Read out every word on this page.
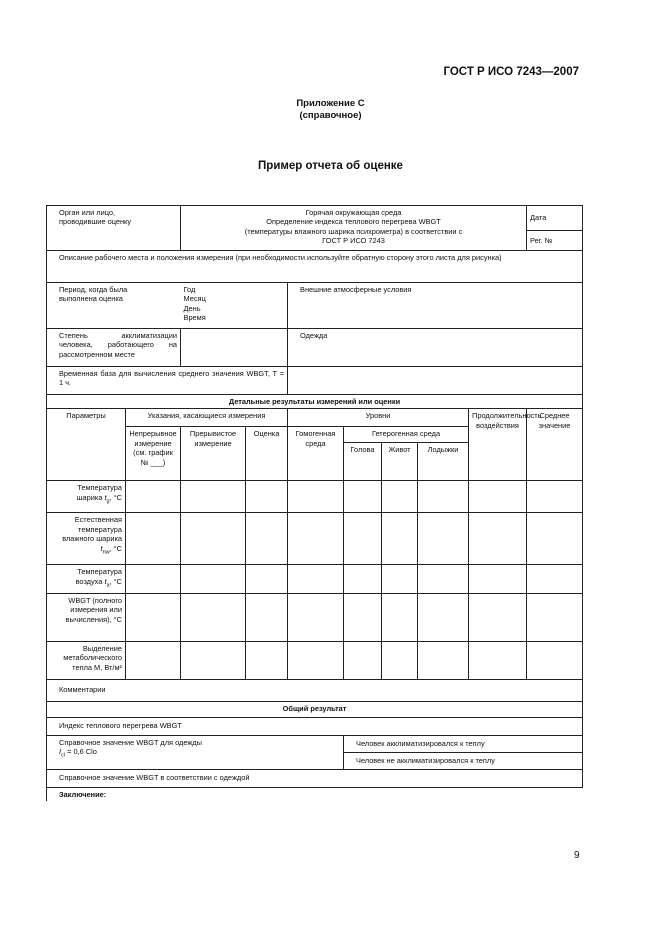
ГОСТ Р ИСО 7243—2007
Приложение С
(справочное)
Пример отчета об оценке
Орган или лицо,
проводившие оценку		Горячая окружающая среда
Определение индекса теплового перегрева WBGT
(температуры влажного шарика психрометра) в соответствии с
ГОСТ Р ИСО 7243							Дата
									Рег. №
Описание рабочего места и положения измерения (при необходимости используйте обратную сторону этого листа для рисунка)									

Период, когда была
выполнена оценка		Год
Месяц
День
Время		Внешние атмосферные условия					
Степень акклиматизации человека, работающего на рассмотренном месте				Одежда					
Временная база для вычисления среднего значения WBGT, T = 1 ч.									
Детальные результаты измерений или оценки									
Параметры	Указания, касающиеся измерения			Уровни				Продолжительность воздействия	Среднее значение
	Непрерывное измерение (см. график № ___)	Прерывистое измерение	Оценка	Гомогенная среда	Гетерогенная среда				
					Голова	Живот	Лодыжки		
Температура шарика $t_g$, °С									
Естественная температура влажного шарика $t_{nw}$, °С									
Температура воздуха $t_a$, °С									
WBGT (полного измерения или вычисления), °С									
Выделение метаболического тепла М, Вт/м²									
Комментарии									
Общий результат									
Индекс теплового перегрева WBGT									
Справочное значение WBGT для одежды
$I_{cl} = 0,6$ Clo					Человек акклиматизировался к теплу				
					Человек не акклиматизировался к теплу				
Справочное значение WBGT в соответствии с одеждой									
Заключение:									
9
